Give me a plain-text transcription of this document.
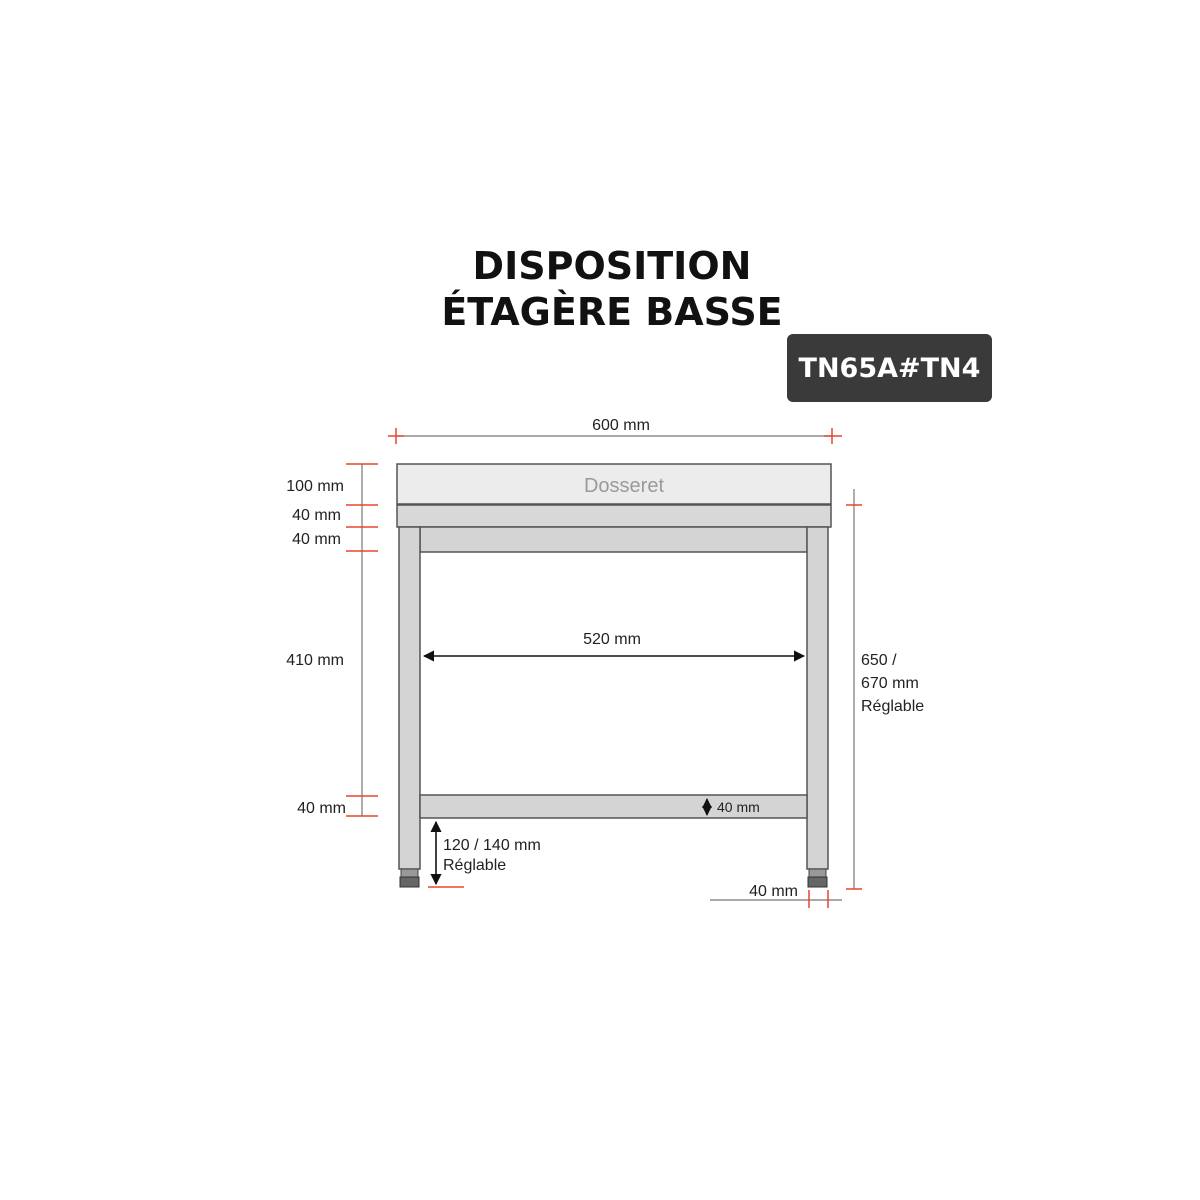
DISPOSITION
ÉTAGÈRE BASSE
TN65A#TN4
600 mm
Dosseret
520 mm
100 mm
40 mm
40 mm
410 mm
40 mm	40 mm
120 / 140 mm
Réglable
650 /
670 mm
Réglable
40 mm
